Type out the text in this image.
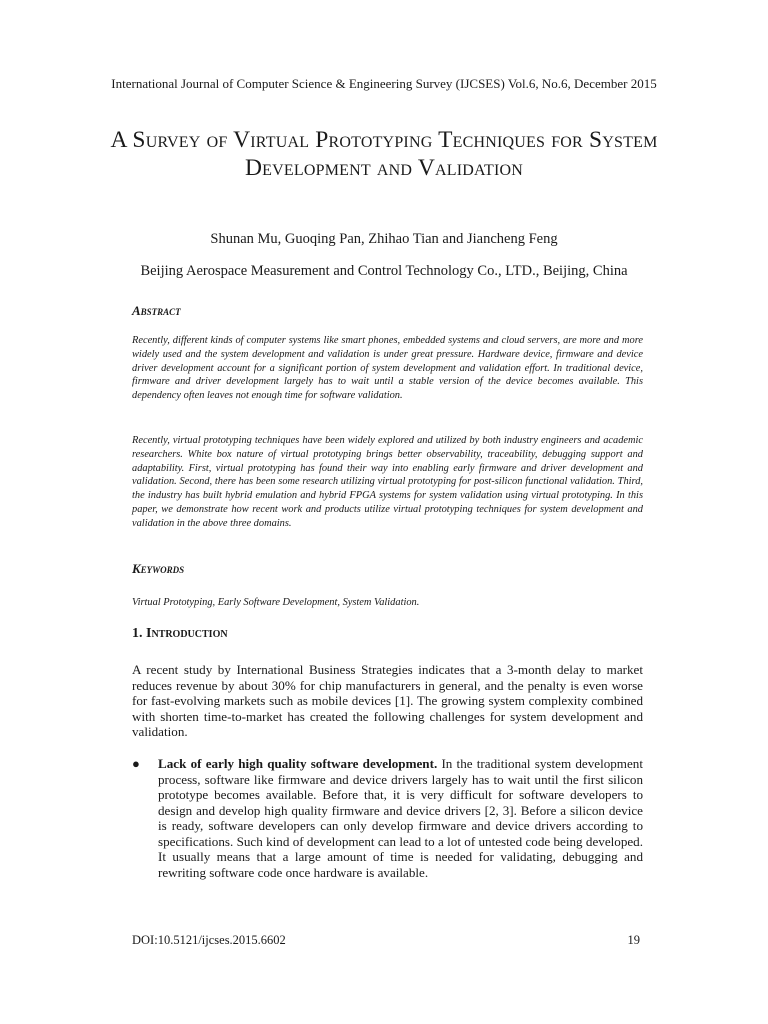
International Journal of Computer Science & Engineering Survey (IJCSES) Vol.6, No.6, December 2015
A Survey of Virtual Prototyping Techniques for System Development and Validation
Shunan Mu, Guoqing Pan, Zhihao Tian and Jiancheng Feng
Beijing Aerospace Measurement and Control Technology Co., LTD., Beijing, China
Abstract
Recently, different kinds of computer systems like smart phones, embedded systems and cloud servers, are more and more widely used and the system development and validation is under great pressure. Hardware device, firmware and device driver development account for a significant portion of system development and validation effort. In traditional device, firmware and driver development largely has to wait until a stable version of the device becomes available. This dependency often leaves not enough time for software validation.
Recently, virtual prototyping techniques have been widely explored and utilized by both industry engineers and academic researchers. White box nature of virtual prototyping brings better observability, traceability, debugging support and adaptability. First, virtual prototyping has found their way into enabling early firmware and driver development and validation. Second, there has been some research utilizing virtual prototyping for post-silicon functional validation. Third, the industry has built hybrid emulation and hybrid FPGA systems for system validation using virtual prototyping. In this paper, we demonstrate how recent work and products utilize virtual prototyping techniques for system development and validation in the above three domains.
Keywords
Virtual Prototyping, Early Software Development, System Validation.
1. Introduction
A recent study by International Business Strategies indicates that a 3-month delay to market reduces revenue by about 30% for chip manufacturers in general, and the penalty is even worse for fast-evolving markets such as mobile devices [1]. The growing system complexity combined with shorten time-to-market has created the following challenges for system development and validation.
● Lack of early high quality software development. In the traditional system development process, software like firmware and device drivers largely has to wait until the first silicon prototype becomes available. Before that, it is very difficult for software developers to design and develop high quality firmware and device drivers [2, 3]. Before a silicon device is ready, software developers can only develop firmware and device drivers according to specifications. Such kind of development can lead to a lot of untested code being developed. It usually means that a large amount of time is needed for validating, debugging and rewriting software code once hardware is available.
DOI:10.5121/ijcses.2015.6602	19
